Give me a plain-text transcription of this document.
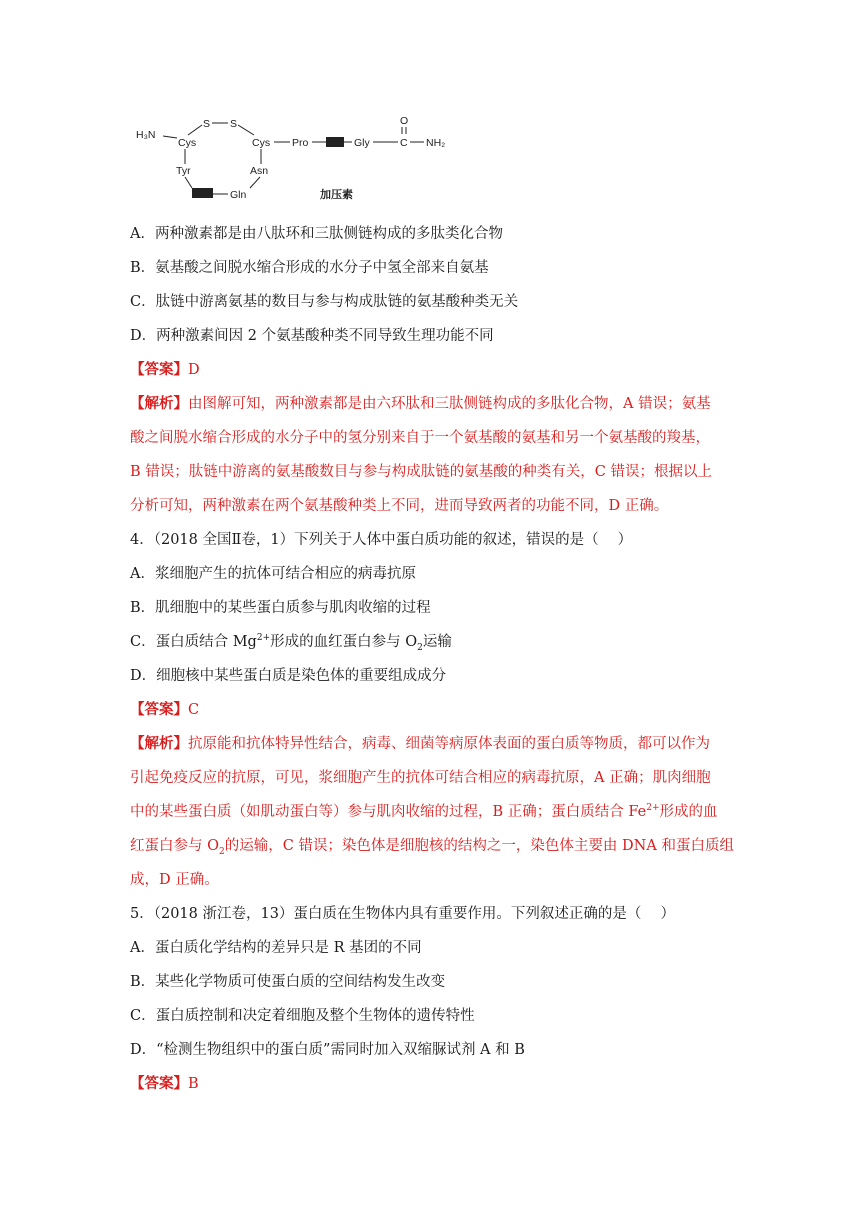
H₃N
Cys
S S
Cys
Tyr	Asn
Gln
Pro	Gly	C
O
NH₂
加压素
A．两种激素都是由八肽环和三肽侧链构成的多肽类化合物
B．氨基酸之间脱水缩合形成的水分子中氢全部来自氨基
C．肽链中游离氨基的数目与参与构成肽链的氨基酸种类无关
D．两种激素间因 2 个氨基酸种类不同导致生理功能不同
【答案】D
【解析】由图解可知，两种激素都是由六环肽和三肽侧链构成的多肽化合物，A 错误；氨基
酸之间脱水缩合形成的水分子中的氢分别来自于一个氨基酸的氨基和另一个氨基酸的羧基，
B 错误；肽链中游离的氨基酸数目与参与构成肽链的氨基酸的种类有关，C 错误；根据以上
分析可知，两种激素在两个氨基酸种类上不同，进而导致两者的功能不同，D 正确。
4．（2018 全国Ⅱ卷，1）下列关于人体中蛋白质功能的叙述，错误的是（　 ）
A．浆细胞产生的抗体可结合相应的病毒抗原
B．肌细胞中的某些蛋白质参与肌肉收缩的过程
C．蛋白质结合 $Mg^{2+}$形成的血红蛋白参与 $O_2$运输
D．细胞核中某些蛋白质是染色体的重要组成成分
【答案】C
【解析】抗原能和抗体特异性结合，病毒、细菌等病原体表面的蛋白质等物质，都可以作为
引起免疫反应的抗原，可见，浆细胞产生的抗体可结合相应的病毒抗原，A 正确；肌肉细胞
中的某些蛋白质（如肌动蛋白等）参与肌肉收缩的过程，B 正确；蛋白质结合 $Fe^{2+}$形成的血
红蛋白参与 $O_2$的运输，C 错误；染色体是细胞核的结构之一，染色体主要由 DNA 和蛋白质组
成，D 正确。
5．（2018 浙江卷，13）蛋白质在生物体内具有重要作用。下列叙述正确的是（　 ）
A．蛋白质化学结构的差异只是 R 基团的不同
B．某些化学物质可使蛋白质的空间结构发生改变
C．蛋白质控制和决定着细胞及整个生物体的遗传特性
D．“检测生物组织中的蛋白质”需同时加入双缩脲试剂 A 和 B
【答案】B
